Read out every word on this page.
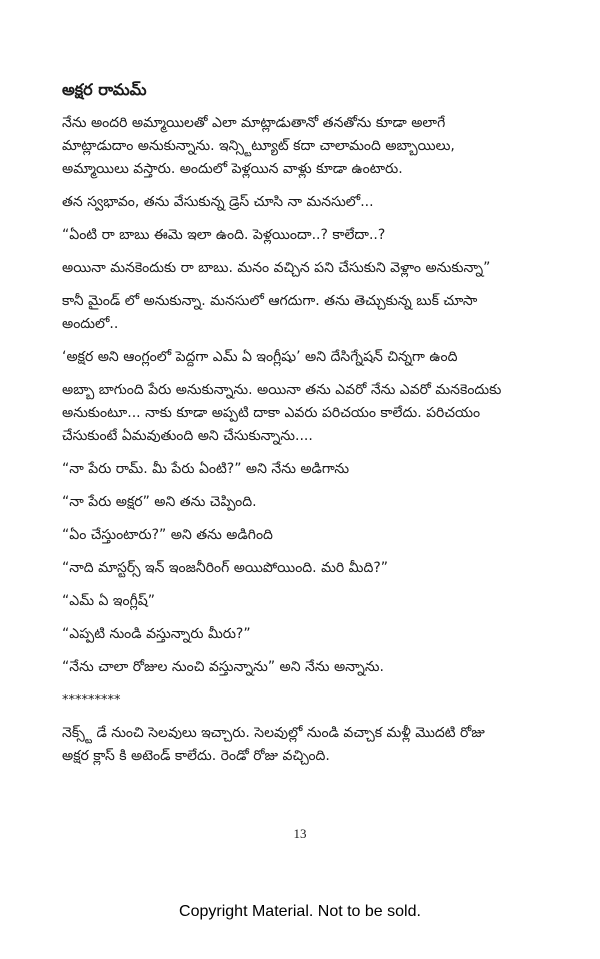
అక్షర రామమ్

నేను అందరి అమ్మాయిలతో ఎలా మాట్లాడుతానో తనతోను కూడా అలాగే
మాట్లాడుదాం అనుకున్నాను. ఇన్స్టిట్యూట్ కదా చాలామంది అబ్బాయిలు,
అమ్మాయిలు వస్తారు. అందులో పెళ్లయిన వాళ్లు కూడా ఉంటారు.

తన స్వభావం, తను వేసుకున్న డ్రెస్ చూసి నా మనసులో...

“ఏంటి రా బాబు ఈమె ఇలా ఉంది. పెళ్లయిందా..? కాలేదా..?

అయినా మనకెందుకు రా బాబు. మనం వచ్చిన పని చేసుకుని వెళ్లాం అనుకున్నా”

కానీ మైండ్ లో అనుకున్నా. మనసులో ఆగదుగా. తను తెచ్చుకున్న బుక్ చూసా
అందులో..

‘అక్షర అని ఆంగ్లంలో పెద్దగా ఎమ్ ఏ ఇంగ్లీషు’ అని దేసిగ్నేషన్ చిన్నగా ఉంది

అబ్బా బాగుంది పేరు అనుకున్నాను. అయినా తను ఎవరో నేను ఎవరో మనకెందుకు
అనుకుంటూ... నాకు కూడా అప్పటి దాకా ఎవరు పరిచయం కాలేదు. పరిచయం
చేసుకుంటే ఏమవుతుంది అని చేసుకున్నాను....

“నా పేరు రామ్. మీ పేరు ఏంటి?” అని నేను అడిగాను

“నా పేరు అక్షర” అని తను చెప్పింది.

“ఏం చేస్తుంటారు?” అని తను అడిగింది

“నాది మాస్టర్స్ ఇన్ ఇంజనీరింగ్ అయిపోయింది. మరి మీది?”

“ఎమ్ ఏ ఇంగ్లీష్”

“ఎప్పటి నుండి వస్తున్నారు మీరు?”

“నేను చాలా రోజుల నుంచి వస్తున్నాను” అని నేను అన్నాను.

*********

నెక్స్ట్ డే నుంచి సెలవులు ఇచ్చారు. సెలవుల్లో నుండి వచ్చాక మళ్లీ మొదటి రోజు
అక్షర క్లాస్ కి అటెండ్ కాలేదు. రెండో రోజు వచ్చింది.

13
Copyright Material. Not to be sold.
